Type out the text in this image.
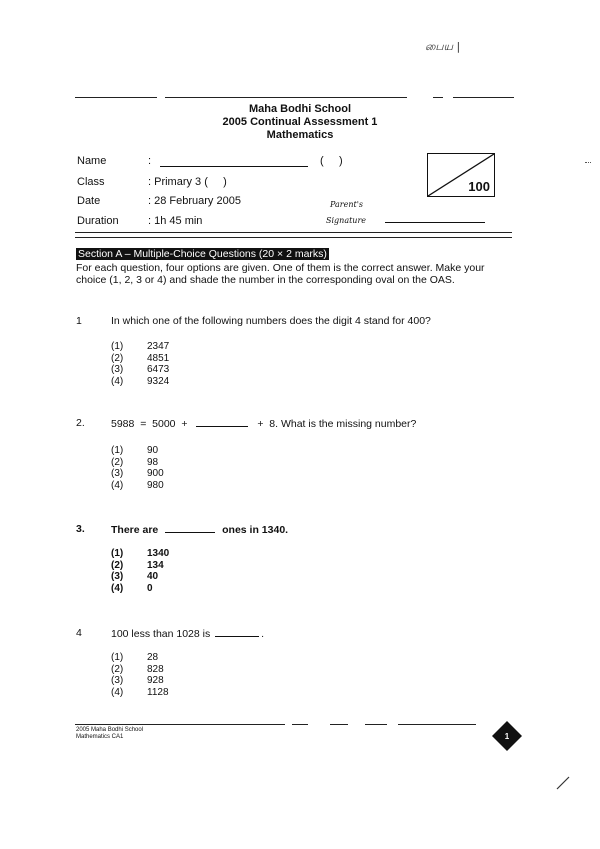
பைய |
Maha Bodhi School
2005 Continual Assessment 1
Mathematics
Name	:	(     )
Class	: Primary 3 (     )
Date	: 28 February 2005
Duration	: 1h 45 min
100
Parent's
Signature
Section A – Multiple-Choice Questions (20 × 2 marks)
For each question, four options are given. One of them is the correct answer. Make your choice (1, 2, 3 or 4) and shade the number in the corresponding oval on the OAS.
1	In which one of the following numbers does the digit 4 stand for 400?
(1)	2347
(2)	4851
(3)	6473
(4)	9324
2. 5988  =  5000  +	+  8. What is the missing number?
(1)	90
(2)	98
(3)	900
(4)	980
3. There are	ones in 1340.
(1)	1340
(2)	134
(3)	40
(4)	0
4	100 less than 1028 is	.
(1)	28
(2)	828
(3)	928
(4)	1128
2005 Maha Bodhi School
Mathematics CA1	1
